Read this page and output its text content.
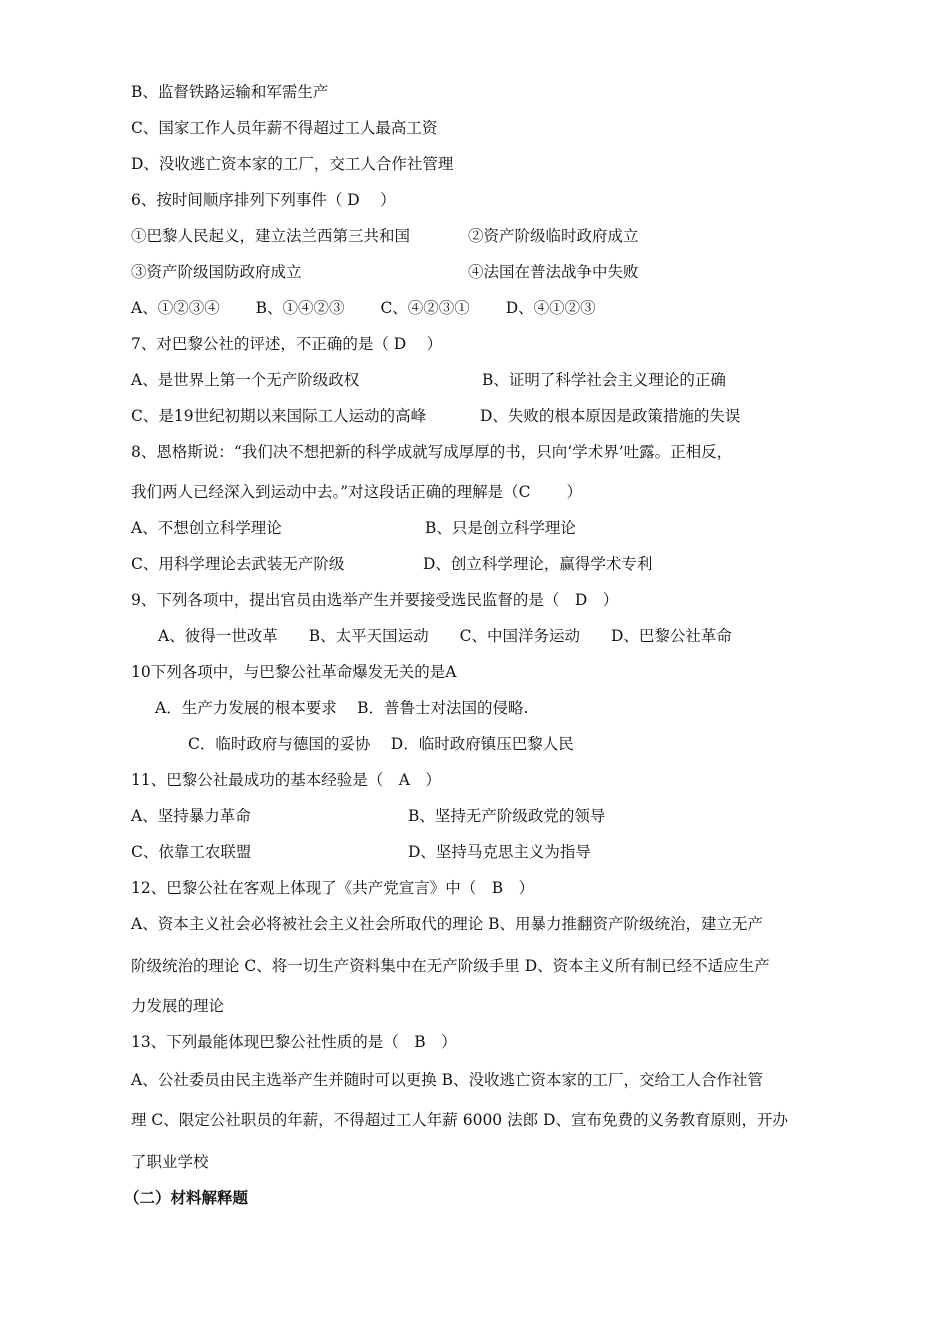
B、监督铁路运输和军需生产
C、国家工作人员年薪不得超过工人最高工资
D、没收逃亡资本家的工厂，交工人合作社管理
6、按时间顺序排列下列事件（ D　 ）
①巴黎人民起义，建立法兰西第三共和国	②资产阶级临时政府成立
③资产阶级国防政府成立	④法国在普法战争中失败
A、①②③④　　 B、①④②③　　 C、④②③①　　 D、④①②③
7、对巴黎公社的评述，不正确的是（ D　 ）
A、是世界上第一个无产阶级政权	B、证明了科学社会主义理论的正确
C、是19世纪初期以来国际工人运动的高峰	D、失败的根本原因是政策措施的失误
8、恩格斯说：“我们决不想把新的科学成就写成厚厚的书，只向‘学术界’吐露。正相反，
我们两人已经深入到运动中去。”对这段话正确的理解是（C　　 ）
A、不想创立科学理论	B、只是创立科学理论
C、用科学理论去武装无产阶级	D、创立科学理论，赢得学术专利
9、下列各项中，提出官员由选举产生并要接受选民监督的是（　D　）
A、彼得一世改革　　B、太平天国运动　　C、中国洋务运动　　D、巴黎公社革命
10下列各项中，与巴黎公社革命爆发无关的是A
A．生产力发展的根本要求　 B．普鲁士对法国的侵略.
C．临时政府与德国的妥协　 D．临时政府镇压巴黎人民
11、巴黎公社最成功的基本经验是（　A　）
A、坚持暴力革命	B、坚持无产阶级政党的领导
C、依靠工农联盟	D、坚持马克思主义为指导
12、巴黎公社在客观上体现了《共产党宣言》中（　B　）
A、资本主义社会必将被社会主义社会所取代的理论 B、用暴力推翻资产阶级统治，建立无产
阶级统治的理论 C、将一切生产资料集中在无产阶级手里 D、资本主义所有制已经不适应生产
力发展的理论
13、下列最能体现巴黎公社性质的是（　B　）
A、公社委员由民主选举产生并随时可以更换 B、没收逃亡资本家的工厂，交给工人合作社管
理 C、限定公社职员的年薪，不得超过工人年薪 6000 法郎 D、宣布免费的义务教育原则，开办
了职业学校
（二）材料解释题
